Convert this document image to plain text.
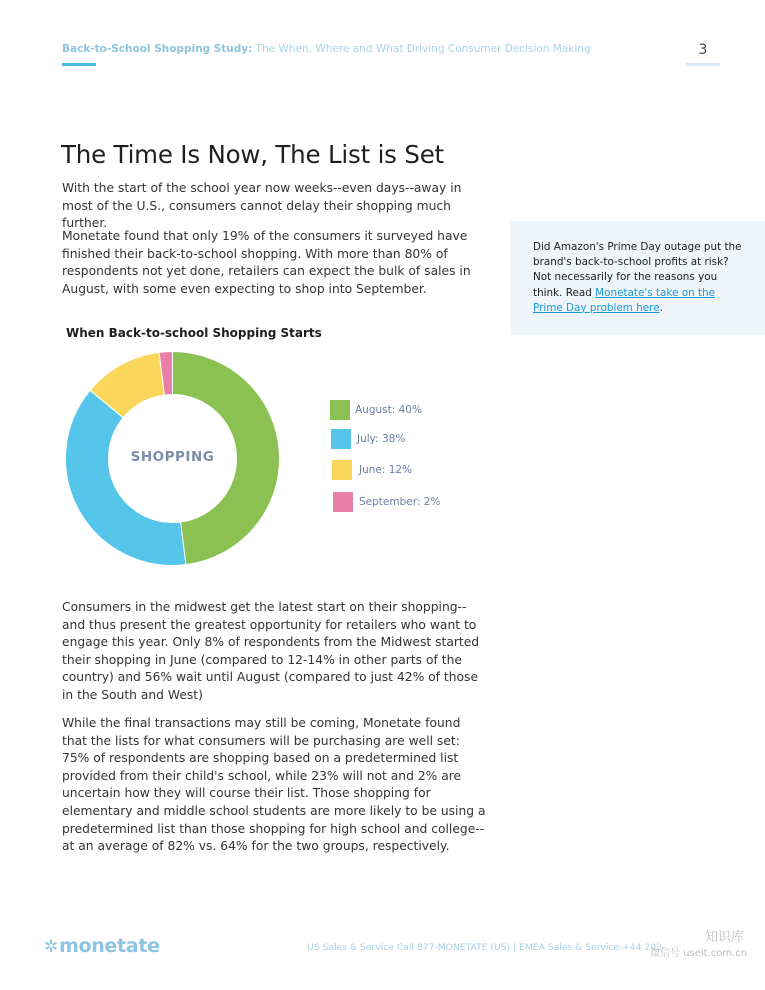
Back-to-School Shopping Study: The When, Where and What Driving Consumer Decision Making	3
The Time Is Now, The List is Set

With the start of the school year now weeks--even days--away in most of the U.S., consumers cannot delay their shopping much further.

Monetate found that only 19% of the consumers it surveyed have finished their back-to-school shopping. With more than 80% of respondents not yet done, retailers can expect the bulk of sales in August, with some even expecting to shop into September.

Did Amazon's Prime Day outage put the brand's back-to-school profits at risk? Not necessarily for the reasons you think. Read Monetate's take on the Prime Day problem here.

When Back-to-school Shopping Starts
SHOPPING
August: 40%
July: 38%
June: 12%
September: 2%

Consumers in the midwest get the latest start on their shopping--and thus present the greatest opportunity for retailers who want to engage this year. Only 8% of respondents from the Midwest started their shopping in June (compared to 12-14% in other parts of the country) and 56% wait until August (compared to just 42% of those in the South and West)

While the final transactions may still be coming, Monetate found that the lists for what consumers will be purchasing are well set: 75% of respondents are shopping based on a predetermined list provided from their child's school, while 23% will not and 2% are uncertain how they will course their list. Those shopping for elementary and middle school students are more likely to be using a predetermined list than those shopping for high school and college--at an average of 82% vs. 64% for the two groups, respectively.

✲monetate	US Sales & Service Call 877-MONETATE (US) | EMEA Sales & Service +44 203-
知识库
微信号 useit.com.cn
